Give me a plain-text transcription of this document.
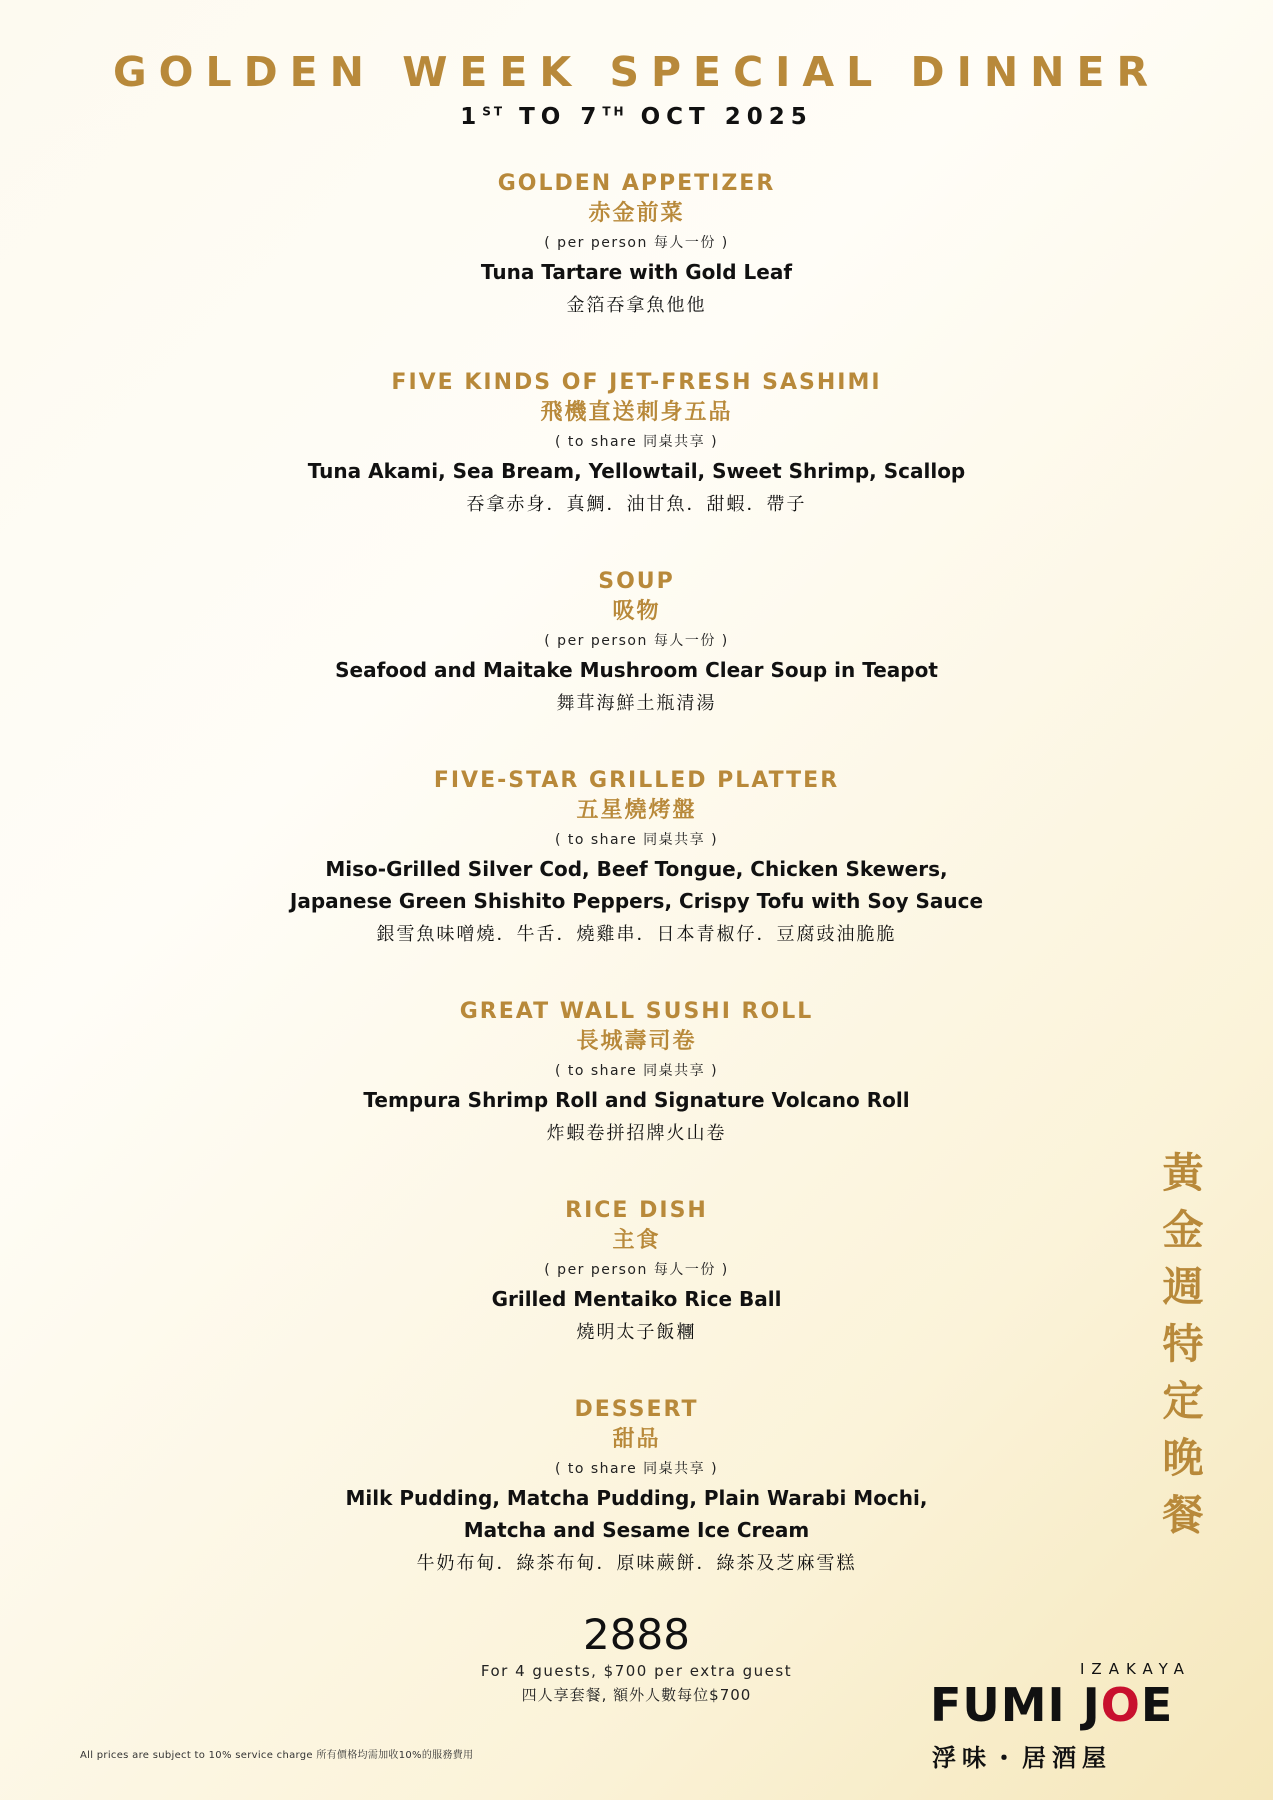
GOLDEN WEEK SPECIAL DINNER
1ST TO 7TH OCT 2025
GOLDEN APPETIZER
赤金前菜
( per person 每人一份 )
Tuna Tartare with Gold Leaf
金箔吞拿魚他他
FIVE KINDS OF JET-FRESH SASHIMI
飛機直送刺身五品
( to share 同桌共享 )
Tuna Akami, Sea Bream, Yellowtail, Sweet Shrimp, Scallop
吞拿赤身．真鯛．油甘魚．甜蝦．帶子
SOUP
吸物
( per person 每人一份 )
Seafood and Maitake Mushroom Clear Soup in Teapot
舞茸海鮮土瓶清湯
FIVE-STAR GRILLED PLATTER
五星燒烤盤
( to share 同桌共享 )
Miso-Grilled Silver Cod, Beef Tongue, Chicken Skewers,
Japanese Green Shishito Peppers, Crispy Tofu with Soy Sauce
銀雪魚味噌燒．牛舌．燒雞串．日本青椒仔．豆腐豉油脆脆
GREAT WALL SUSHI ROLL
長城壽司卷
( to share 同桌共享 )
Tempura Shrimp Roll and Signature Volcano Roll
炸蝦卷拼招牌火山卷
RICE DISH
主食
( per person 每人一份 )
Grilled Mentaiko Rice Ball
燒明太子飯糰
DESSERT
甜品
( to share 同桌共享 )
Milk Pudding, Matcha Pudding, Plain Warabi Mochi,
Matcha and Sesame Ice Cream
牛奶布甸．綠茶布甸．原味蕨餅．綠茶及芝麻雪糕
2888
For 4 guests, $700 per extra guest
四人享套餐, 額外人數每位$700
黃金週特定晚餐
All prices are subject to 10% service charge 所有價格均需加收10%的服務費用
IZAKAYA
FUMI JOE
浮味・居酒屋
